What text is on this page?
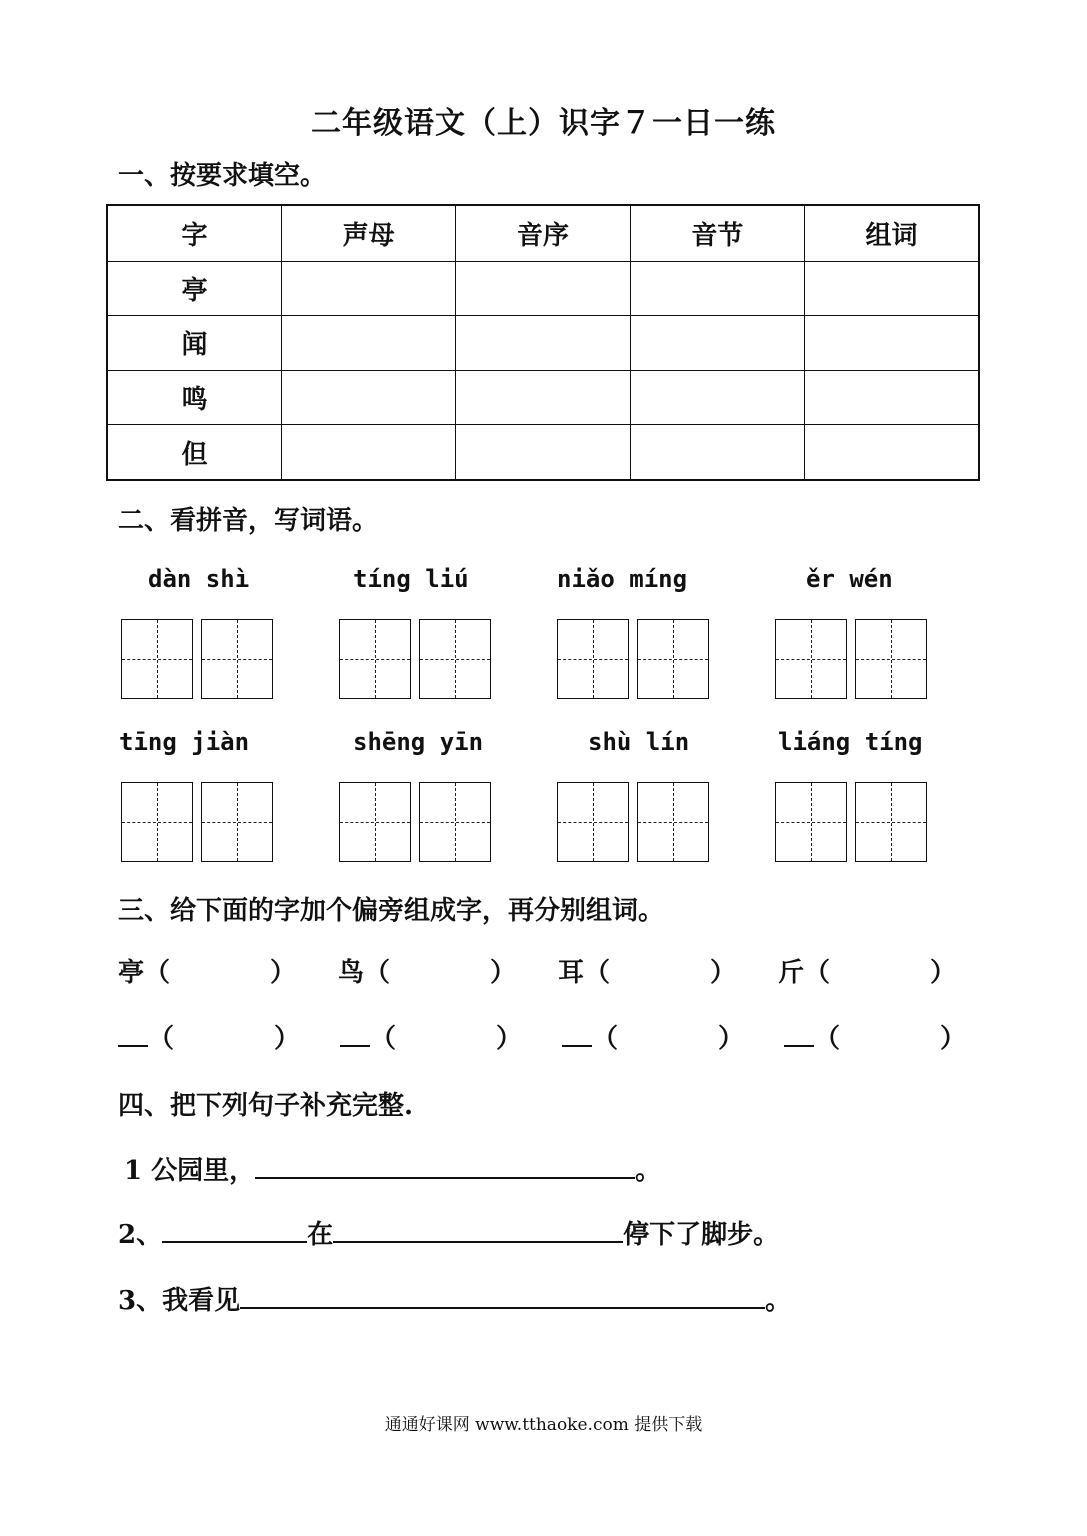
二年级语文（上）识字７一日一练
一、按要求填空。
字	声母	音序	音节	组词
亭				
闻				
鸣				
但				
二、看拼音，写词语。
dàn shì	tíng liú	niǎo míng	ěr wén
tīng jiàn	shēng yīn	shù lín	liáng tíng
三、给下面的字加个偏旁组成字，再分别组词。
亭（	） 鸟（	） 耳（	） 斤（	）
（	）	（	）	（	）	（	）
四、把下列句子补充完整.
1 公园里，	。
2、	在	停下了脚步。
3、我看见	。
通通好课网 www.tthaoke.com 提供下载
